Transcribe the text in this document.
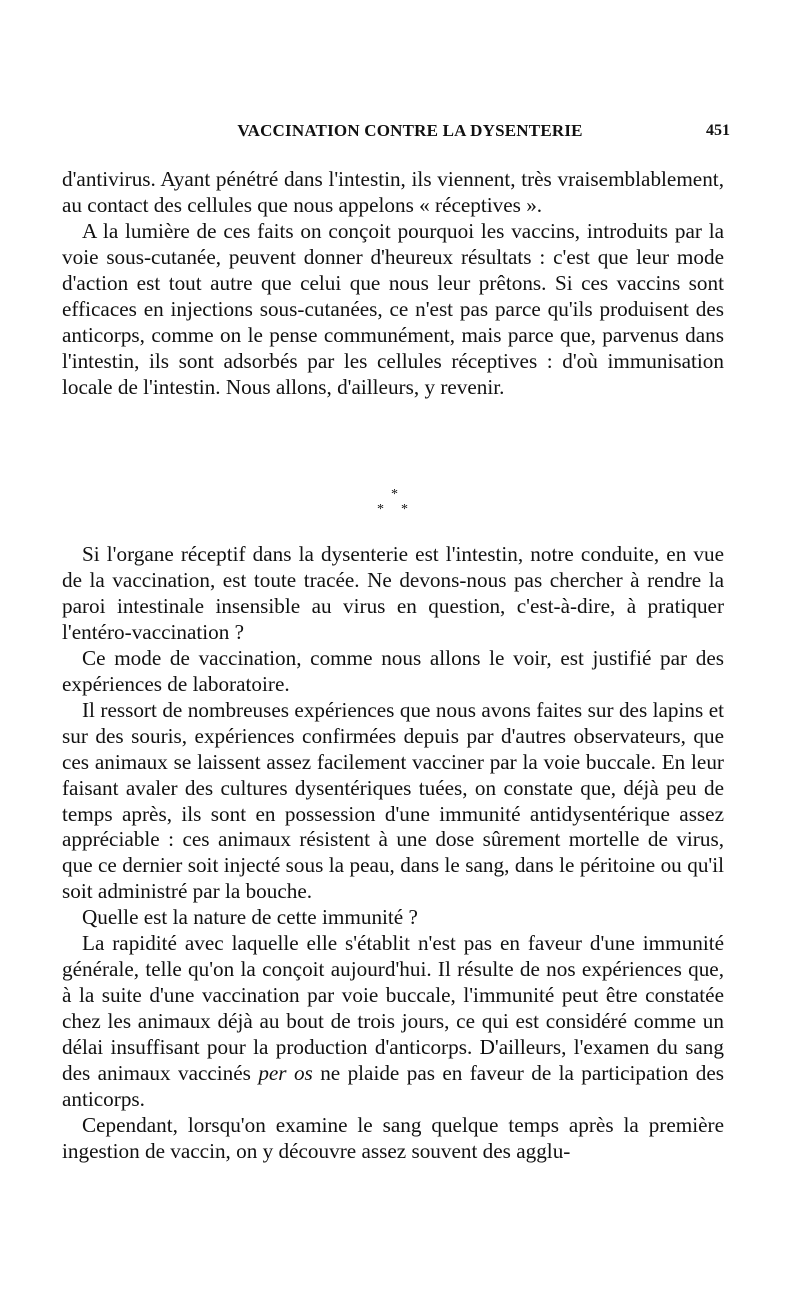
VACCINATION CONTRE LA DYSENTERIE	451

d'antivirus. Ayant pénétré dans l'intestin, ils viennent, très vraisemblablement, au contact des cellules que nous appelons « réceptives ».

A la lumière de ces faits on conçoit pourquoi les vaccins, introduits par la voie sous-cutanée, peuvent donner d'heureux résultats : c'est que leur mode d'action est tout autre que celui que nous leur prêtons. Si ces vaccins sont efficaces en injections sous-cutanées, ce n'est pas parce qu'ils produisent des anticorps, comme on le pense communément, mais parce que, parvenus dans l'intestin, ils sont adsorbés par les cellules réceptives : d'où immunisation locale de l'intestin. Nous allons, d'ailleurs, y revenir.

*
* *

Si l'organe réceptif dans la dysenterie est l'intestin, notre conduite, en vue de la vaccination, est toute tracée. Ne devons-nous pas chercher à rendre la paroi intestinale insensible au virus en question, c'est-à-dire, à pratiquer l'entéro-vaccination ?

Ce mode de vaccination, comme nous allons le voir, est justifié par des expériences de laboratoire.

Il ressort de nombreuses expériences que nous avons faites sur des lapins et sur des souris, expériences confirmées depuis par d'autres observateurs, que ces animaux se laissent assez facilement vacciner par la voie buccale. En leur faisant avaler des cultures dysentériques tuées, on constate que, déjà peu de temps après, ils sont en possession d'une immunité antidysentérique assez appréciable : ces animaux résistent à une dose sûrement mortelle de virus, que ce dernier soit injecté sous la peau, dans le sang, dans le péritoine ou qu'il soit administré par la bouche.

Quelle est la nature de cette immunité ?

La rapidité avec laquelle elle s'établit n'est pas en faveur d'une immunité générale, telle qu'on la conçoit aujourd'hui. Il résulte de nos expériences que, à la suite d'une vaccination par voie buccale, l'immunité peut être constatée chez les animaux déjà au bout de trois jours, ce qui est considéré comme un délai insuffisant pour la production d'anticorps. D'ailleurs, l'examen du sang des animaux vaccinés per os ne plaide pas en faveur de la participation des anticorps.

Cependant, lorsqu'on examine le sang quelque temps après la première ingestion de vaccin, on y découvre assez souvent des agglu-
